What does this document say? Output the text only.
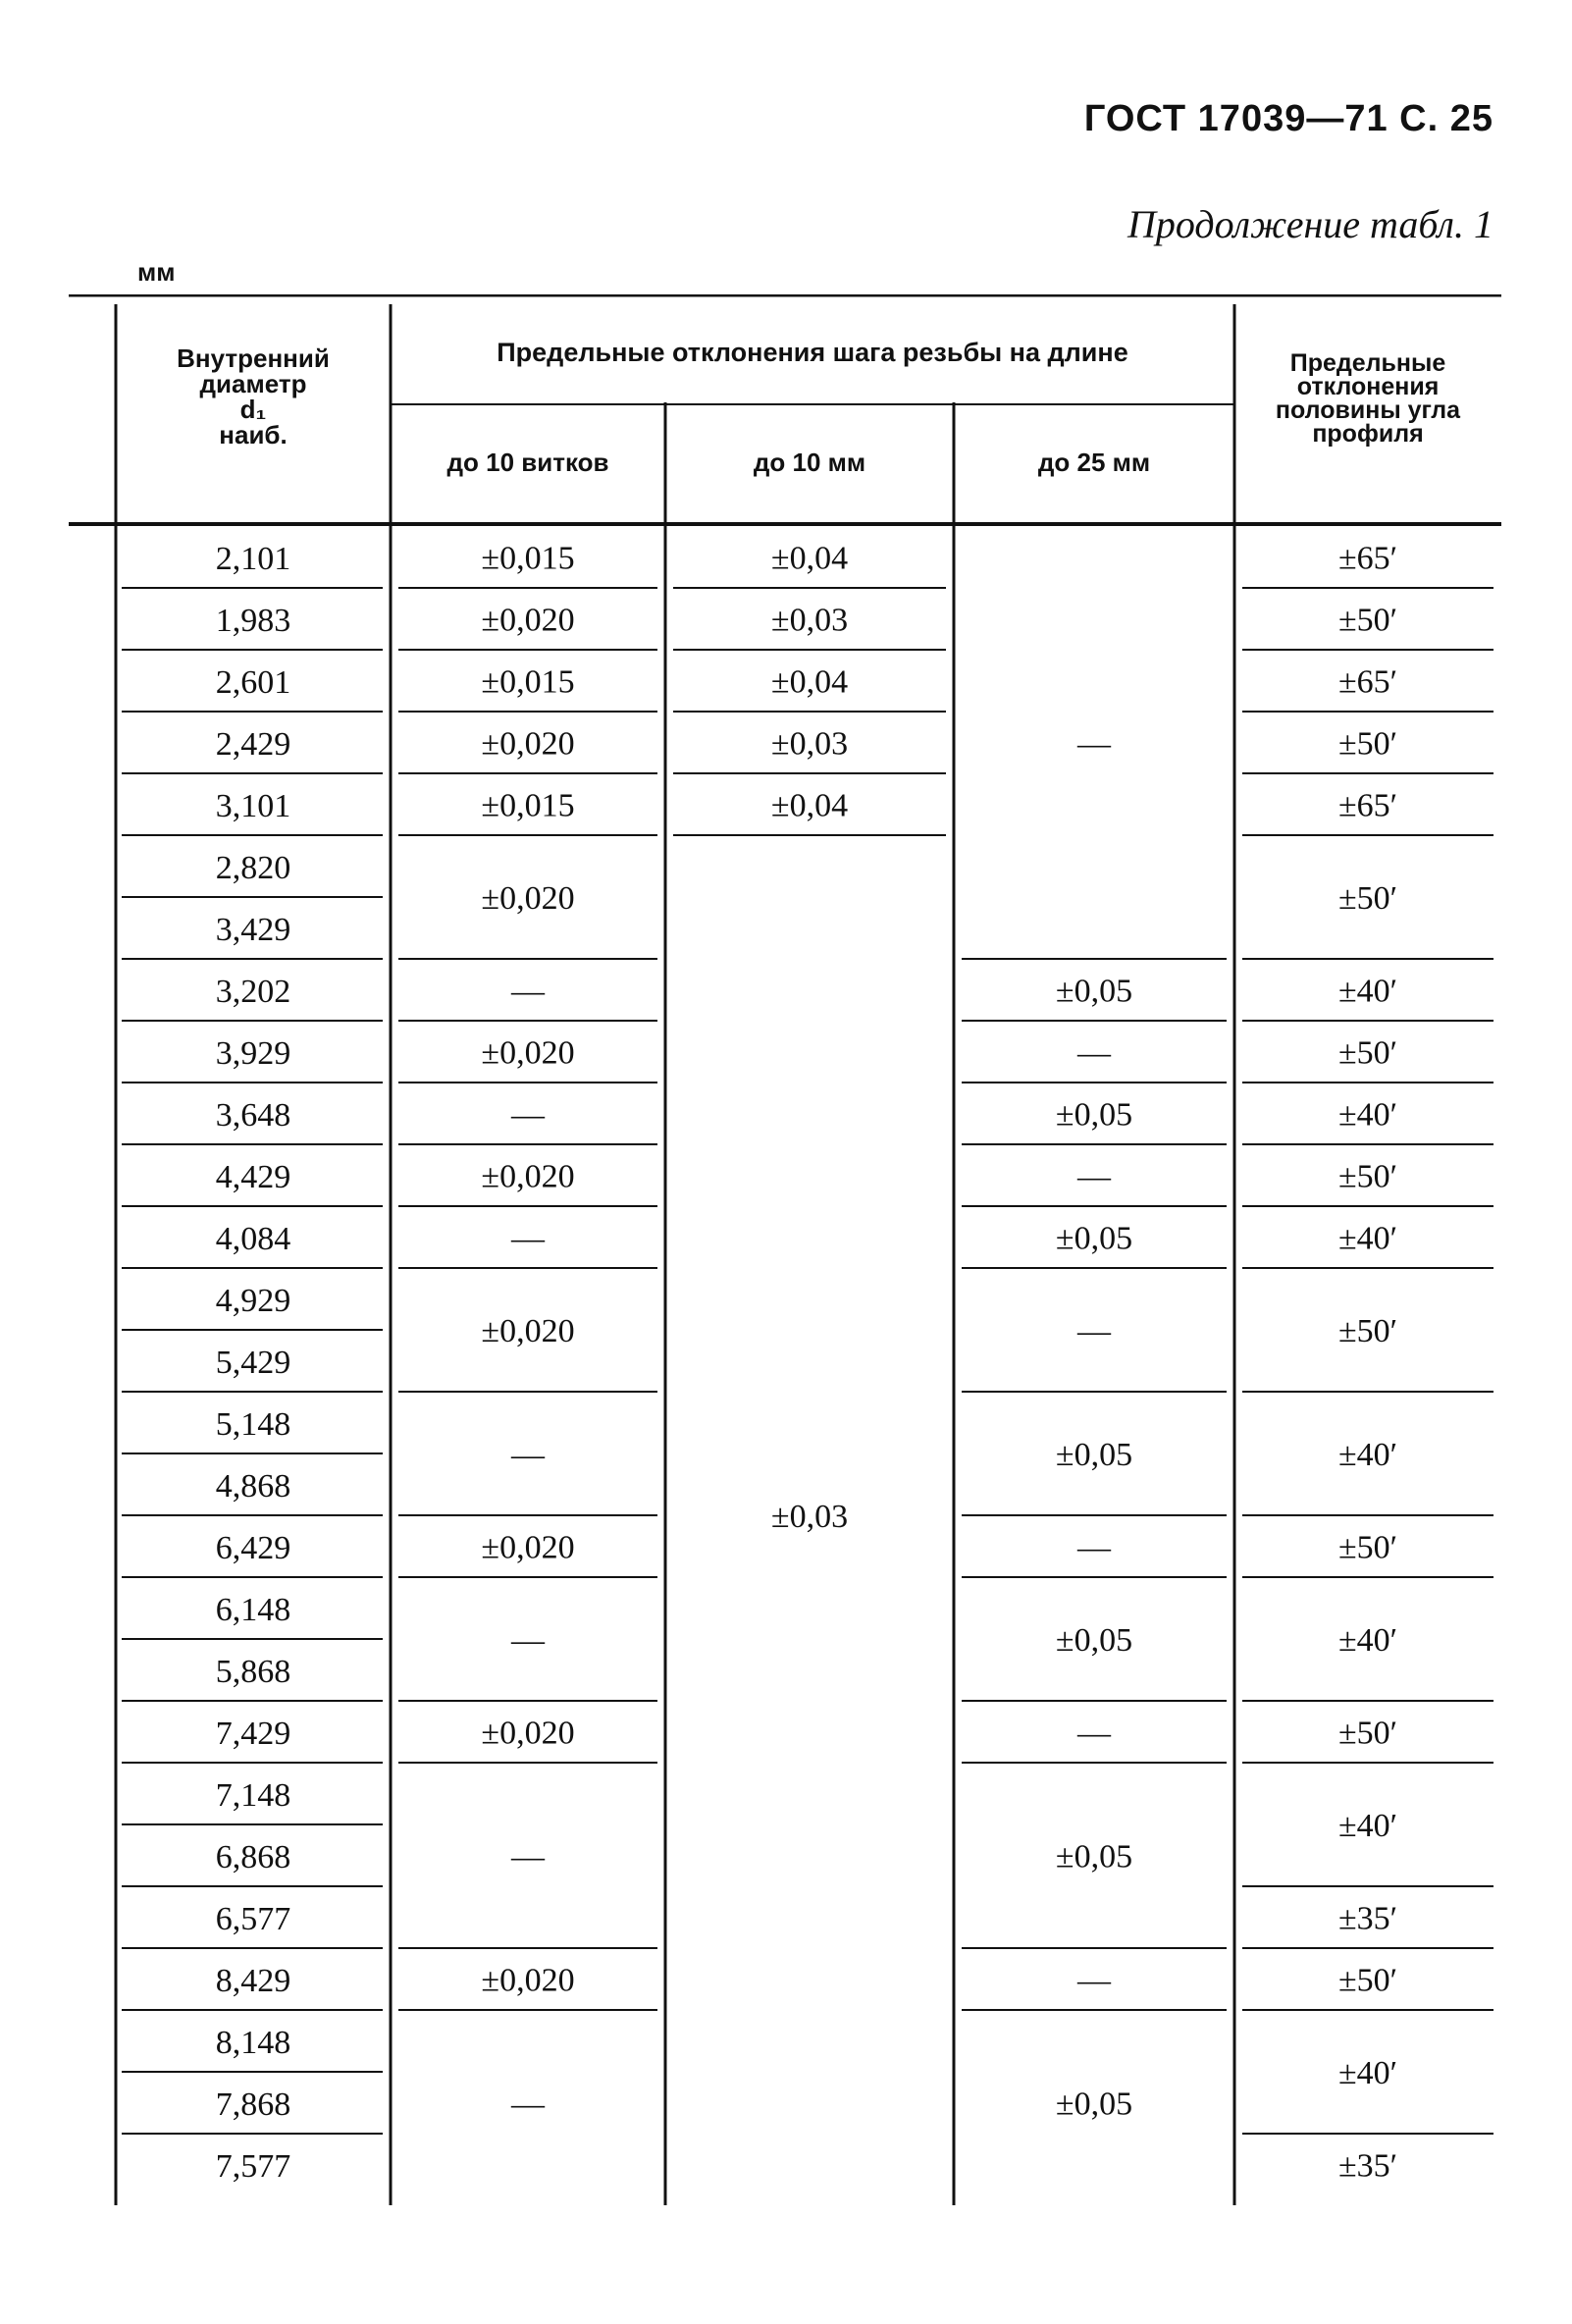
ГОСТ 17039—71 С. 25
Продолжение табл. 1
мм
Внутренний
диаметр
d₁
наиб.
Предельные отклонения шага резьбы на длине
до 10 витков	до 10 мм	до 25 мм
Предельные
отклонения
половины угла
профиля
2,101
1,983
2,601
2,429
3,101
2,820
3,429
3,202
3,929
3,648
4,429
4,084
4,929
5,429
5,148
4,868
6,429
6,148
5,868
7,429
7,148
6,868
6,577
8,429
8,148
7,868
7,577
±0,015
±0,020
±0,015
±0,020
±0,015
±0,020
—
±0,020
—
±0,020
—
±0,020
—
±0,020
—
±0,020
—
±0,020
—
±0,04
±0,03
±0,04
±0,03
±0,04
±0,03
—
±0,05
—
±0,05
—
±0,05
—
±0,05
—
±0,05
—
±0,05
—
±0,05
±65′
±50′
±65′
±50′
±65′
±50′
±40′
±50′
±40′
±50′
±40′
±50′
±40′
±50′
±40′
±50′
±40′
±35′
±50′
±40′
±35′
